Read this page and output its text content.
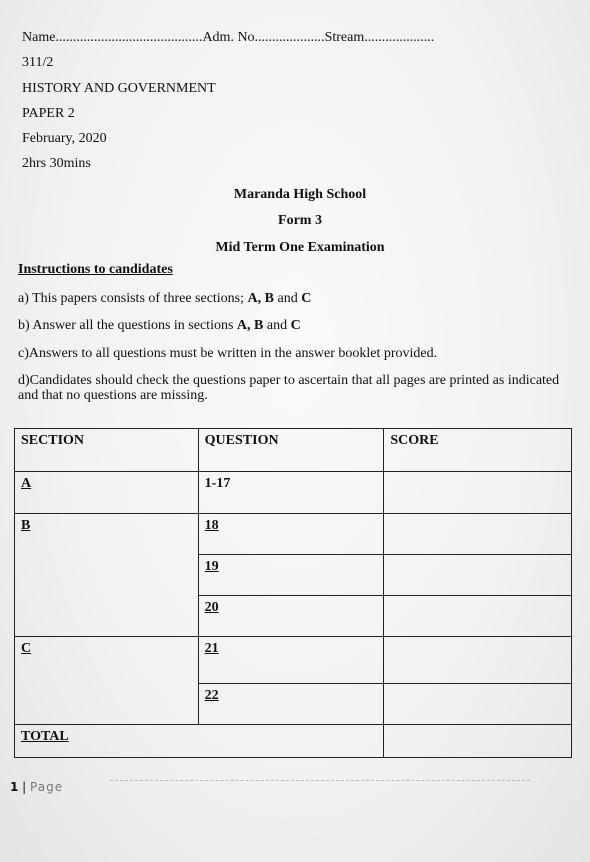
Name..........................................Adm. No....................Stream....................
311/2
HISTORY AND GOVERNMENT
PAPER 2
February, 2020
2hrs 30mins
Maranda High School
Form 3
Mid Term One Examination
Instructions to candidates
a) This papers consists of three sections; A, B and C
b) Answer all the questions in sections A, B and C
c)Answers to all questions must be written in the answer booklet provided.
d)Candidates should check the questions paper to ascertain that all pages are printed as indicated and that no questions are missing.
SECTION	QUESTION	SCORE
A	1-17	
B	18	
	19	
	20	
C	21	
	22	
TOTAL		
1 | Page
